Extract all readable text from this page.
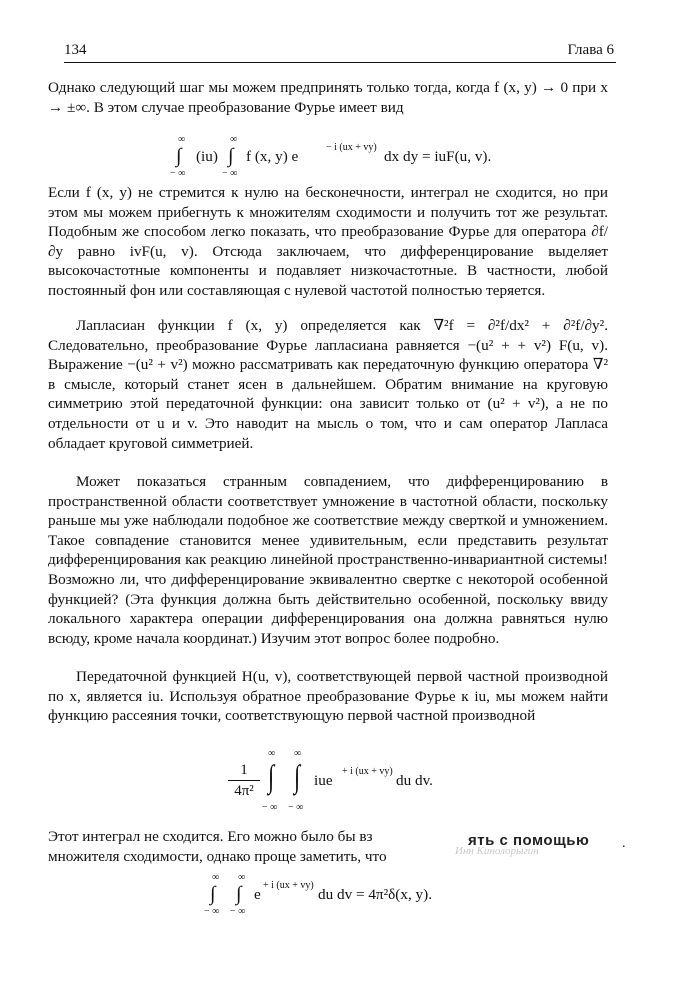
134	Глава 6
Однако следующий шаг мы можем предпринять только тогда, когда f (x, y) → 0 при x → ±∞. В этом случае преобразование Фурье имеет вид
∞
∫
− ∞
(iu)
∞
∫
− ∞
f (x, y) e
− i (ux + vy)
dx dy = iuF(u, v).
Если f (x, y) не стремится к нулю на бесконечности, интеграл не сходится, но при этом мы можем прибегнуть к множителям сходимости и получить тот же результат. Подобным же способом легко показать, что преобразование Фурье для оператора ∂f/∂y равно ivF(u, v). Отсюда заключаем, что дифференцирование выделяет высокочастотные компоненты и подавляет низкочастотные. В частности, любой постоянный фон или составляющая с нулевой частотой полностью теряется.
Лапласиан функции f (x, y) определяется как ∇²f = ∂²f/dx² + ∂²f/∂y². Следовательно, преобразование Фурье лапласиана равняется −(u² + + v²) F(u, v). Выражение −(u² + v²) можно рассматривать как передаточную функцию оператора ∇² в смысле, который станет ясен в дальнейшем. Обратим внимание на круговую симметрию этой передаточной функции: она зависит только от (u² + v²), а не по отдельности от u и v. Это наводит на мысль о том, что и сам оператор Лапласа обладает круговой симметрией.
Может показаться странным совпадением, что дифференцированию в пространственной области соответствует умножение в частотной области, поскольку раньше мы уже наблюдали подобное же соответствие между сверткой и умножением. Такое совпадение становится менее удивительным, если представить результат дифференцирования как реакцию линейной пространственно-инвариантной системы! Возможно ли, что дифференцирование эквивалентно свертке с некоторой особенной функцией? (Эта функция должна быть действительно особенной, поскольку ввиду локального характера операции дифференцирования она должна равняться нулю всюду, кроме начала координат.) Изучим этот вопрос более подробно.
Передаточной функцией H(u, v), соответствующей первой частной производной по x, является iu. Используя обратное преобразование Фурье к iu, мы можем найти функцию рассеяния точки, соответствующую первой частной производной
1
4π²
∞
∫
− ∞
∞
∫
− ∞
iue
+ i (ux + vy)
du dv.
Этот интеграл не сходится. Его можно было бы вз	ять с помощью
Инн Кинолорыгин	.
множителя сходимости, однако проще заметить, что
∞
∫
− ∞
∞
∫
− ∞
e
+ i (ux + vy)
du dv = 4π²δ(x, y).
